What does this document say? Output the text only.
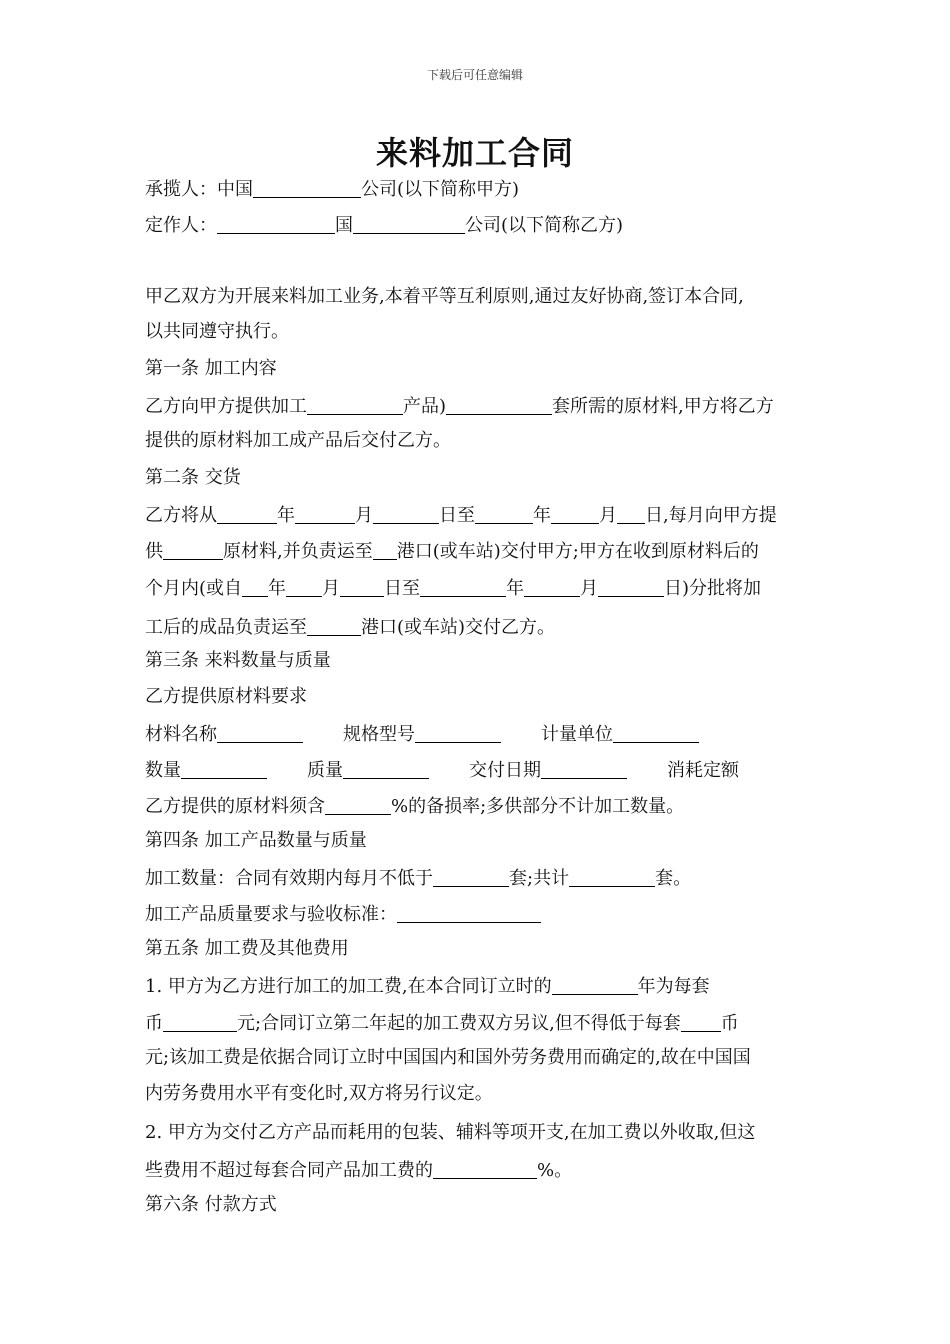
下载后可任意编辑
来料加工合同
承揽人：中国	公司(以下简称甲方)
定作人：	国	公司(以下简称乙方)
甲乙双方为开展来料加工业务,本着平等互利原则,通过友好协商,签订本合同,
以共同遵守执行。
第一条 加工内容
乙方向甲方提供加工	产品)	套所需的原材料,甲方将乙方
提供的原材料加工成产品后交付乙方。
第二条 交货
乙方将从	年	月	日至	年	月 日,每月向甲方提
供	原材料,并负责运至 港口(或车站)交付甲方;甲方在收到原材料后的
个月内(或自 年 月 日至	年	月	日)分批将加
工后的成品负责运至	港口(或车站)交付乙方。
第三条 来料数量与质量
乙方提供原材料要求
材料名称	规格型号	计量单位
数量	质量	交付日期	消耗定额
乙方提供的原材料须含	%的备损率;多供部分不计加工数量。
第四条 加工产品数量与质量
加工数量：合同有效期内每月不低于	套;共计	套。
加工产品质量要求与验收标准：
第五条 加工费及其他费用
1. 甲方为乙方进行加工的加工费,在本合同订立时的	年为每套
币	元;合同订立第二年起的加工费双方另议,但不得低于每套 币
元;该加工费是依据合同订立时中国国内和国外劳务费用而确定的,故在中国国
内劳务费用水平有变化时,双方将另行议定。
2. 甲方为交付乙方产品而耗用的包装、辅料等项开支,在加工费以外收取,但这
些费用不超过每套合同产品加工费的	%。
第六条 付款方式
